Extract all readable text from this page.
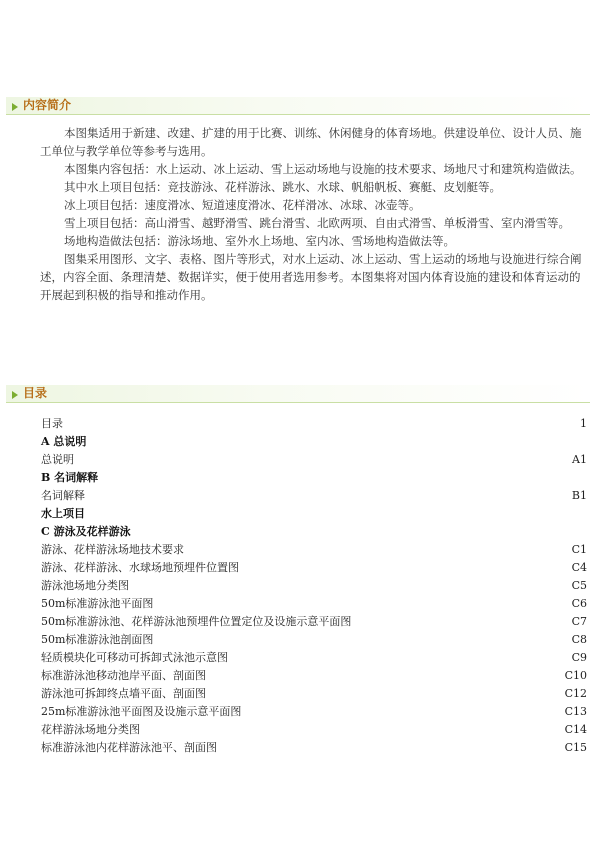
内容简介

本图集适用于新建、改建、扩建的用于比赛、训练、休闲健身的体育场地。供建设单位、设计人员、施工单位与教学单位等参考与选用。

本图集内容包括：水上运动、冰上运动、雪上运动场地与设施的技术要求、场地尺寸和建筑构造做法。

其中水上项目包括：竞技游泳、花样游泳、跳水、水球、帆船帆板、赛艇、皮划艇等。

冰上项目包括：速度滑冰、短道速度滑冰、花样滑冰、冰球、冰壶等。

雪上项目包括：高山滑雪、越野滑雪、跳台滑雪、北欧两项、自由式滑雪、单板滑雪、室内滑雪等。

场地构造做法包括：游泳场地、室外水上场地、室内冰、雪场地构造做法等。

图集采用图形、文字、表格、图片等形式，对水上运动、冰上运动、雪上运动的场地与设施进行综合阐述，内容全面、条理清楚、数据详实，便于使用者选用参考。本图集将对国内体育设施的建设和体育运动的开展起到积极的指导和推动作用。

目录
目录	1
A 总说明
总说明	A1
B 名词解释
名词解释	B1
水上项目
C 游泳及花样游泳
游泳、花样游泳场地技术要求	C1
游泳、花样游泳、水球场地预埋件位置图	C4
游泳池场地分类图	C5
50m标准游泳池平面图	C6
50m标准游泳池、花样游泳池预埋件位置定位及设施示意平面图	C7
50m标准游泳池剖面图	C8
轻质模块化可移动可拆卸式泳池示意图	C9
标准游泳池移动池岸平面、剖面图	C10
游泳池可拆卸终点墙平面、剖面图	C12
25m标准游泳池平面图及设施示意平面图	C13
花样游泳场地分类图	C14
标准游泳池内花样游泳池平、剖面图	C15
